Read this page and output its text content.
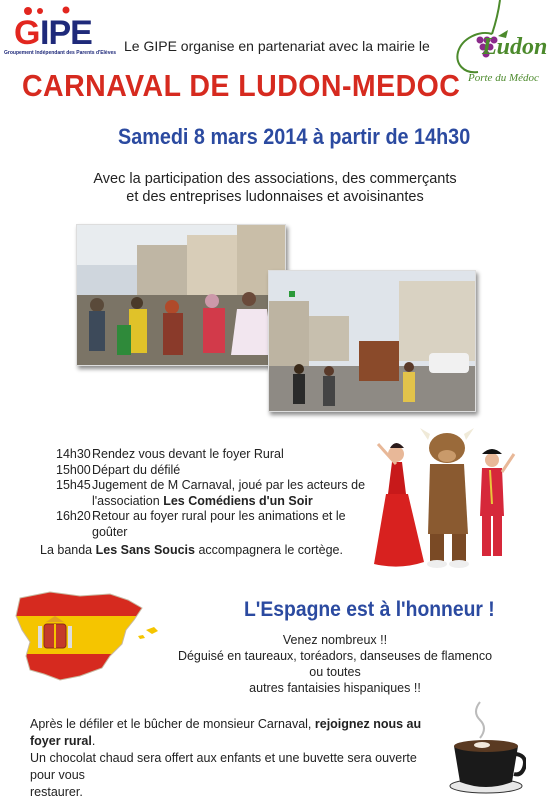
G IPE
Groupement Indépendant des Parents d'Elèves	Ludon
Porte du Médoc
Le GIPE organise en partenariat avec la mairie le
CARNAVAL DE LUDON-MEDOC
Samedi 8 mars 2014 à partir de 14h30
Avec la participation des associations, des commerçants
et des entreprises ludonnaises et avoisinantes
14h30 Rendez vous devant le foyer Rural
15h00 Départ du défilé
15h45 Jugement de M Carnaval, joué par les acteurs de l'association Les Comédiens d'un Soir
16h20 Retour au foyer rural pour les animations et le goûter
La banda Les Sans Soucis accompagnera le cortège.
L'Espagne est à l'honneur !
Venez nombreux !!
Déguisé en taureaux, toréadors, danseuses de flamenco ou toutes
autres fantaisies hispaniques !!
Après le défiler et le bûcher de monsieur Carnaval, rejoignez nous au foyer rural.
Un chocolat chaud sera offert aux enfants et une buvette sera ouverte pour vous
restaurer.
